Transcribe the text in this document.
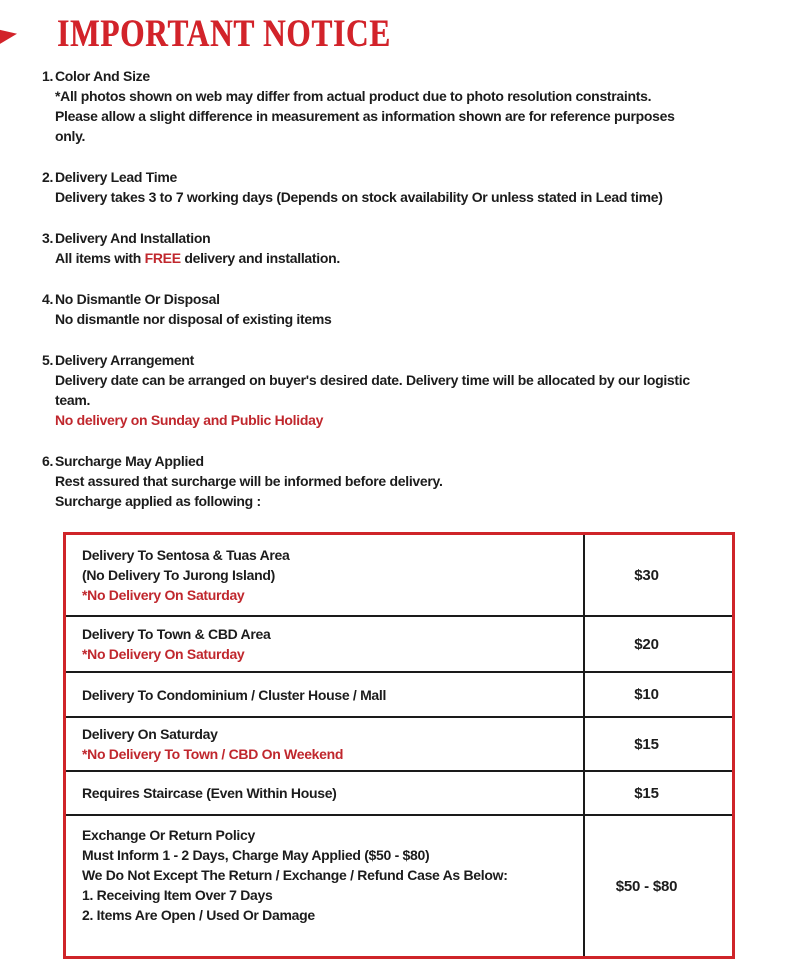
IMPORTANT NOTICE
1. Color And Size
*All photos shown on web may differ from actual product due to photo resolution constraints.
Please allow a slight difference in measurement as information shown are for reference purposes
only.
2. Delivery Lead Time
Delivery takes 3 to 7 working days (Depends on stock availability Or unless stated in Lead time)
3. Delivery And Installation
All items with FREE delivery and installation.
4. No Dismantle Or Disposal
No dismantle nor disposal of existing items
5. Delivery Arrangement
Delivery date can be arranged on buyer's desired date. Delivery time will be allocated by our logistic
team.
No delivery on Sunday and Public Holiday
6. Surcharge May Applied
Rest assured that surcharge will be informed before delivery.
Surcharge applied as following :
Delivery To Sentosa & Tuas Area
(No Delivery To Jurong Island)
*No Delivery On Saturday
$30
Delivery To Town & CBD Area
*No Delivery On Saturday
$20
Delivery To Condominium / Cluster House / Mall	$10
Delivery On Saturday
*No Delivery To Town / CBD On Weekend
$15
Requires Staircase (Even Within House)	$15
Exchange Or Return Policy
Must Inform 1 - 2 Days, Charge May Applied ($50 - $80)
We Do Not Except The Return / Exchange / Refund Case As Below:
1. Receiving Item Over 7 Days
2. Items Are Open / Used Or Damage
$50 - $80
